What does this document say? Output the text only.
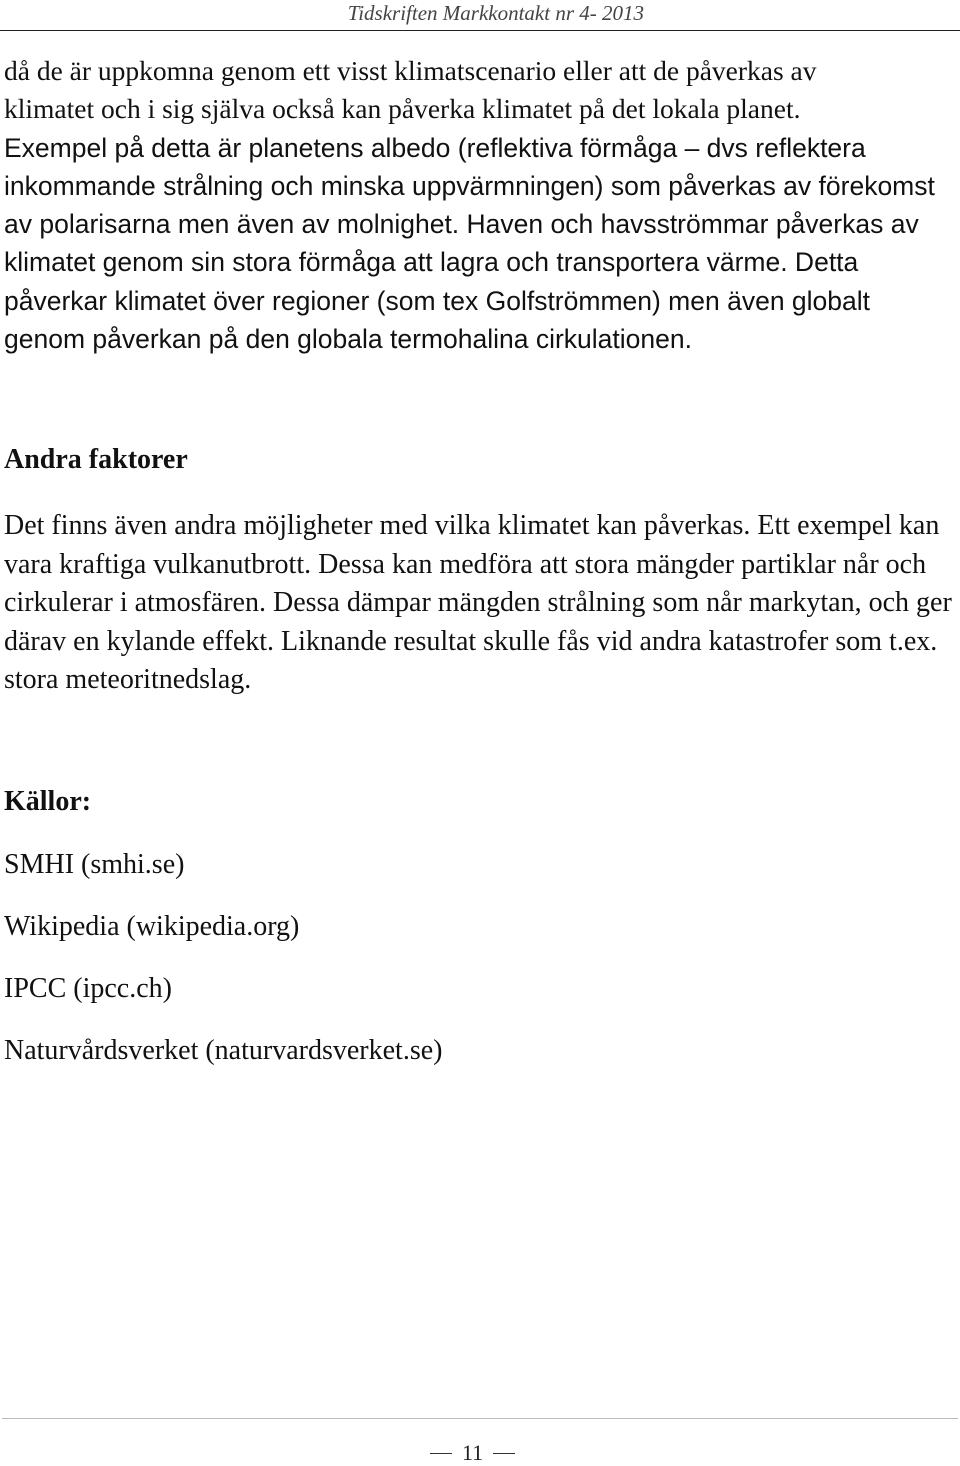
Tidskriften Markkontakt nr 4- 2013

då de är uppkomna genom ett visst klimatscenario eller att de påverkas av
klimatet och i sig själva också kan påverka klimatet på det lokala planet.
Exempel på detta är planetens albedo (reflektiva förmåga – dvs reflektera inkommande strålning och minska uppvärmningen) som påverkas av förekomst av polarisarna men även av molnighet. Haven och havsströmmar påverkas av klimatet genom sin stora förmåga att lagra och transportera värme. Detta påverkar klimatet över regioner (som tex Golfströmmen) men även globalt genom påverkan på den globala termohalina cirkulationen.

Andra faktorer

Det finns även andra möjligheter med vilka klimatet kan påverkas. Ett exempel kan vara kraftiga vulkanutbrott. Dessa kan medföra att stora mängder partiklar når och cirkulerar i atmosfären. Dessa dämpar mängden strålning som når markytan, och ger därav en kylande effekt. Liknande resultat skulle fås vid andra katastrofer som t.ex. stora meteoritnedslag.

Källor:
SMHI (smhi.se)
Wikipedia (wikipedia.org)
IPCC (ipcc.ch)
Naturvårdsverket (naturvardsverket.se)
11
